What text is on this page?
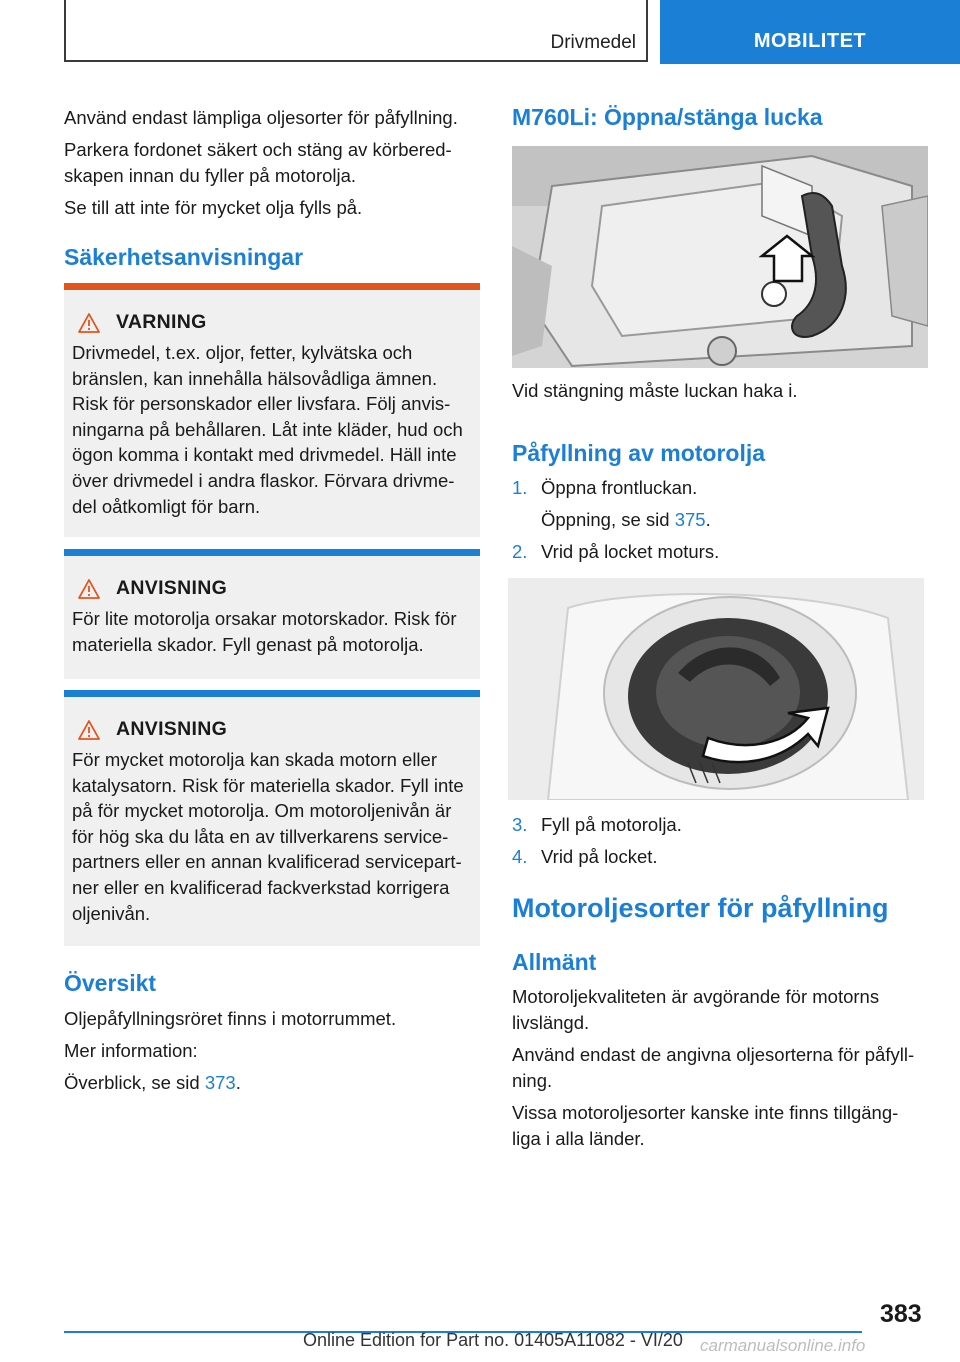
Drivmedel	MOBILITET

Använd endast lämpliga oljesorter för påfyllning.

Parkera fordonet säkert och stäng av körbered-

skapen innan du fyller på motorolja.

Se till att inte för mycket olja fylls på.

Säkerhetsanvisningar
VARNING

Drivmedel, t.ex. oljor, fetter, kylvätska och

bränslen, kan innehålla hälsovådliga ämnen.

Risk för personskador eller livsfara. Följ anvis-

ningarna på behållaren. Låt inte kläder, hud och

ögon komma i kontakt med drivmedel. Häll inte

över drivmedel i andra flaskor. Förvara drivme-

del oåtkomligt för barn.

ANVISNING

För lite motorolja orsakar motorskador. Risk för

materiella skador. Fyll genast på motorolja.

ANVISNING

För mycket motorolja kan skada motorn eller

katalysatorn. Risk för materiella skador. Fyll inte

på för mycket motorolja. Om motoroljenivån är

för hög ska du låta en av tillverkarens service-

partners eller en annan kvalificerad servicepart-

ner eller en kvalificerad fackverkstad korrigera

oljenivån.

Översikt

Oljepåfyllningsröret finns i motorrummet.

Mer information:

Överblick, se sid 373.

M760Li: Öppna/stänga lucka
Vid stängning måste luckan haka i.
Påfyllning av motorolja
1. Öppna frontluckan.
Öppning, se sid 375.
2. Vrid på locket moturs.
3. Fyll på motorolja.
4. Vrid på locket.
Motoroljesorter för påfyllning
Allmänt

Motoroljekvaliteten är avgörande för motorns

livslängd.

Använd endast de angivna oljesorterna för påfyll-

ning.

Vissa motoroljesorter kanske inte finns tillgäng-

liga i alla länder.

383
Online Edition for Part no. 01405A11082 - VI/20 carmanualsonline.info
